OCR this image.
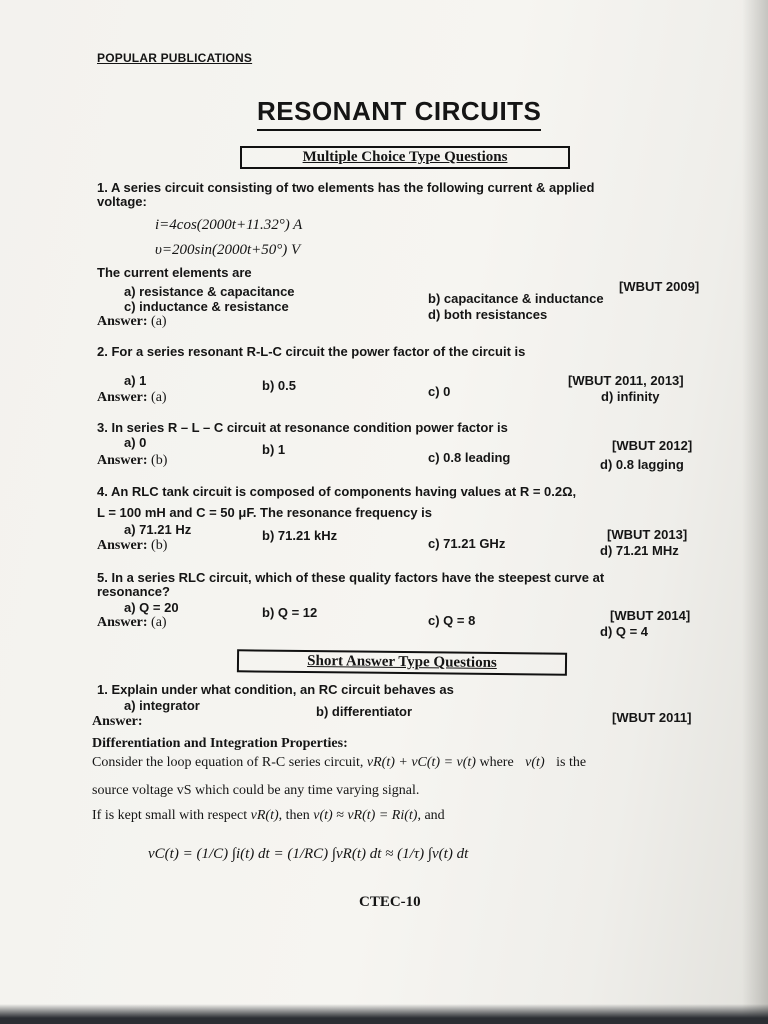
POPULAR PUBLICATIONS
RESONANT CIRCUITS
Multiple Choice Type Questions
1. A series circuit consisting of two elements has the following current & applied
voltage:
i=4cos(2000t+11.32°) A
υ=200sin(2000t+50°) V
The current elements are
[WBUT 2009]
a) resistance & capacitance	b) capacitance & inductance
c) inductance & resistance
d) both resistances
Answer: (a)
2. For a series resonant R-L-C circuit the power factor of the circuit is
[WBUT 2011, 2013]
a) 1	b) 0.5	c) 0	d) infinity
Answer: (a)
3. In series R – L – C circuit at resonance condition power factor is
[WBUT 2012]
a) 0	b) 1
c) 0.8 leading	d) 0.8 lagging
Answer: (b)
4. An RLC tank circuit is composed of components having values at R = 0.2Ω,
L = 100 mH and C = 50 μF. The resonance frequency is
[WBUT 2013]
a) 71.21 Hz	b) 71.21 kHz
c) 71.21 GHz	d) 71.21 MHz
Answer: (b)
5. In a series RLC circuit, which of these quality factors have the steepest curve at
resonance?
[WBUT 2014]
a) Q = 20	b) Q = 12
c) Q = 8
d) Q = 4
Answer: (a)
Short Answer Type Questions
1. Explain under what condition, an RC circuit behaves as
a) integrator	b) differentiator	[WBUT 2011]
Answer:
Differentiation and Integration Properties:
Consider the loop equation of R-C series circuit, vR(t) + vC(t) = v(t) where v(t) is the
source voltage vS which could be any time varying signal.
If is kept small with respect vR(t), then v(t) ≈ vR(t) = Ri(t), and
vC(t) = (1/C) ∫i(t) dt = (1/RC) ∫vR(t) dt ≈ (1/τ) ∫v(t) dt
CTEC-10
